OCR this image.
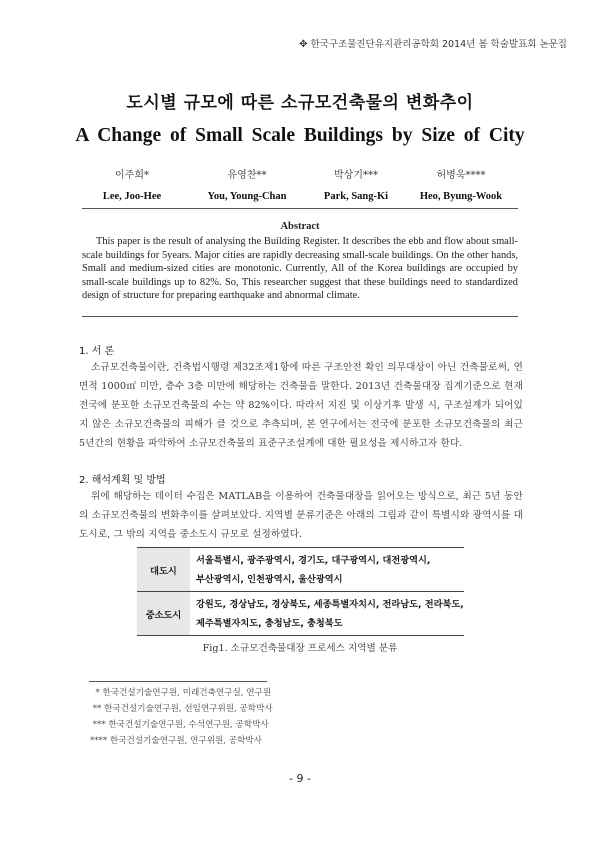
✥ 한국구조물진단유지관리공학회 2014년 봄 학술발표회 논문집
도시별 규모에 따른 소규모건축물의 변화추이
A Change of Small Scale Buildings by Size of City
이주희*
Lee, Joo-Hee
유영찬**
You, Young-Chan
박상기***
Park, Sang-Ki
허병욱****
Heo, Byung-Wook
Abstract
This paper is the result of analysing the Building Register. It describes the ebb and flow about small-scale buildings for 5years. Major cities are rapidly decreasing small-scale buildings. On the other hands, Small and medium-sized cities are monotonic. Currently, All of the Korea buildings are occupied by small-scale buildings up to 82%. So, This researcher suggest that these buildings need to standardized design of structure for preparing earthquake and abnormal climate.
1. 서 론
소규모건축물이란, 건축법시행령 제32조제1항에 따른 구조안전 확인 의무대상이 아닌 건축물로써, 연면적 1000㎡ 미만, 층수 3층 미만에 해당하는 건축물을 말한다. 2013년 건축물대장 집계기준으로 현재 전국에 분포한 소규모건축물의 수는 약 82%이다. 따라서 지진 및 이상기후 발생 시, 구조설계가 되어있지 않은 소규모건축물의 피해가 클 것으로 추측되며, 본 연구에서는 전국에 분포한 소규모건축물의 최근 5년간의 현황을 파악하여 소규모건축물의 표준구조설계에 대한 필요성을 제시하고자 한다.
2. 해석계획 및 방법
위에 해당하는 데이터 수집은 MATLAB을 이용하여 건축물대장을 읽어오는 방식으로, 최근 5년 동안의 소규모건축물의 변화추이를 살펴보았다. 지역별 분류기준은 아래의 그림과 같이 특별시와 광역시를 대도시로, 그 밖의 지역을 중소도시 규모로 설정하였다.
대도시	서울특별시, 광주광역시, 경기도, 대구광역시, 대전광역시,
부산광역시, 인천광역시, 울산광역시

중소도시	강원도, 경상남도, 경상북도, 세종특별자치시, 전라남도, 전라북도,
제주특별자치도, 충청남도, 충청북도
Fig1. 소규모건축물대장 프로세스 지역별 분류
* 한국건설기술연구원, 미래건축연구실, 연구원
** 한국건설기술연구원, 선임연구위원, 공학박사
*** 한국건설기술연구원, 수석연구원, 공학박사
**** 한국건설기술연구원, 연구위원, 공학박사
- 9 -
